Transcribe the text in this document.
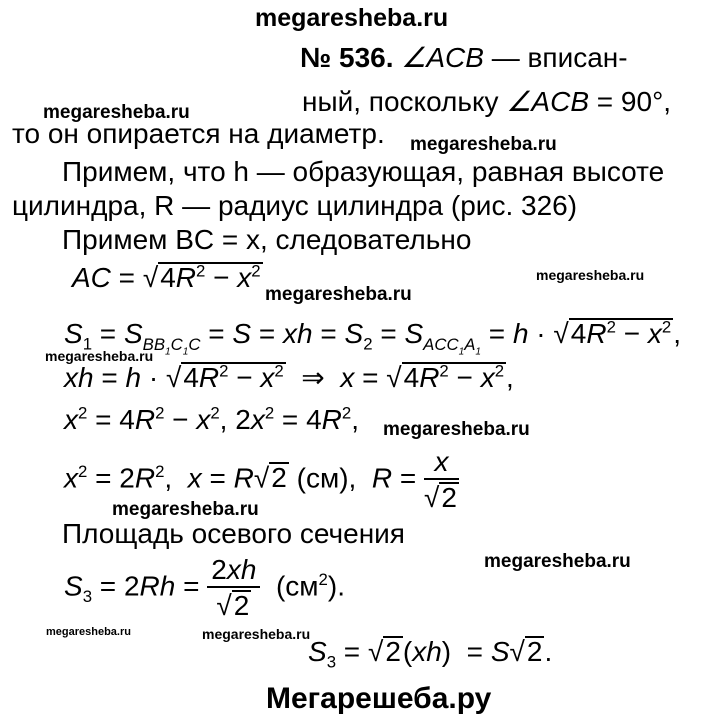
megaresheba.ru
megaresheba.ru
megaresheba.ru
megaresheba.ru
megaresheba.ru
megaresheba.ru
megaresheba.ru
megaresheba.ru
megaresheba.ru
megaresheba.ru	megaresheba.ru
№ 536. ∠ACB — вписан-
ный, поскольку ∠ACB = 90°,
то он опирается на диаметр.
Примем, что h — образующая, равная высоте
цилиндра, R — радиус цилиндра (рис. 326)
Примем BC = x, следовательно
AC = $√4R^2 - x^2$
$S_1 = S_{BB_1C_1C} = S$ = xh = $S_2 = S_{ACC_1A_1} = h \cdot √4R^2 - x^2$,
xh = $h \cdot √4R^2 - x^2$  ⇒  $x = √4R^2 - x^2$,
$x^2 = 4R^2 - x^2$, $2x^2 = 4R^2$,
$x^2 = 2R^2$,  x = R√2 (см),  $R = \frac{x}{√2}$
Площадь осевого сечения
$S_3 = 2Rh = \frac{2xh}{√2} (см^2)$.
$S_3 = √2(xh) = S√2$.
Мегарешеба.ру
